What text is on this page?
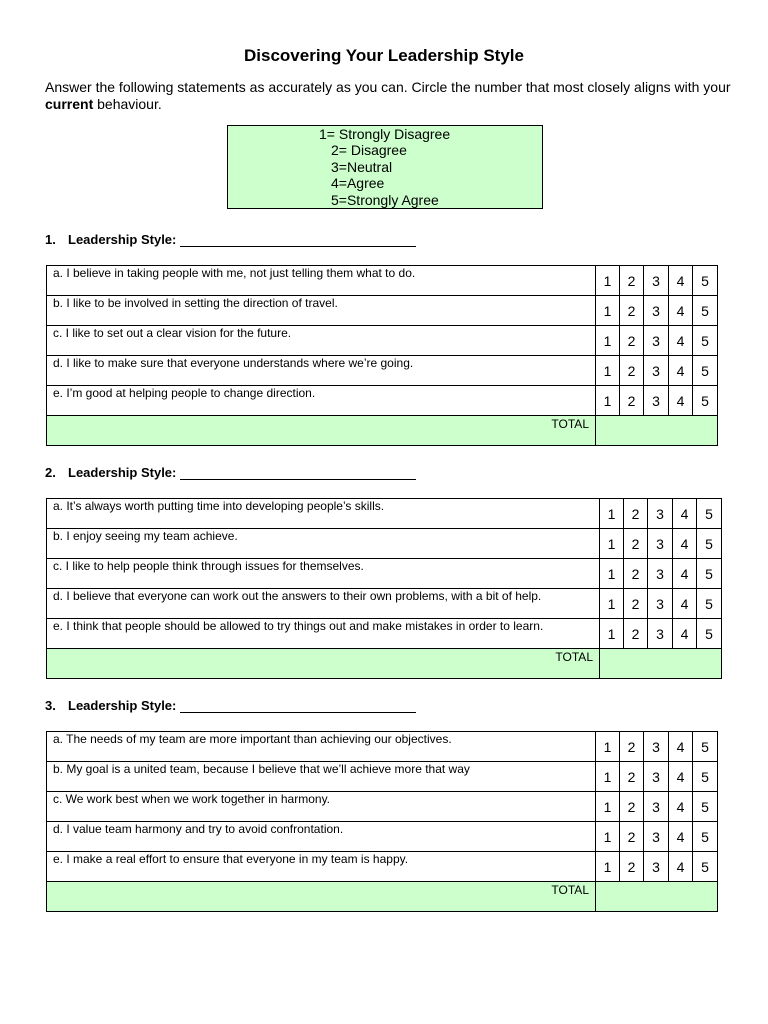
Discovering Your Leadership Style
Answer the following statements as accurately as you can. Circle the number that most closely aligns with your current behaviour.
1= Strongly Disagree
2= Disagree
3=Neutral
4=Agree
5=Strongly Agree
1. Leadership Style:
a. I believe in taking people with me, not just telling them what to do.	1	2	3	4	5
b. I like to be involved in setting the direction of travel.	1	2	3	4	5
c. I like to set out a clear vision for the future.	1	2	3	4	5
d. I like to make sure that everyone understands where we’re going.	1	2	3	4	5
e. I’m good at helping people to change direction.	1	2	3	4	5
TOTAL					
2. Leadership Style:
a. It’s always worth putting time into developing people’s skills.	1	2	3	4	5
b. I enjoy seeing my team achieve.	1	2	3	4	5
c. I like to help people think through issues for themselves.	1	2	3	4	5
d. I believe that everyone can work out the answers to their own problems, with a bit of help.	1	2	3	4	5
e. I think that people should be allowed to try things out and make mistakes in order to learn.	1	2	3	4	5
TOTAL					
3. Leadership Style:
a. The needs of my team are more important than achieving our objectives.	1	2	3	4	5
b. My goal is a united team, because I believe that we’ll achieve more that way	1	2	3	4	5
c. We work best when we work together in harmony.	1	2	3	4	5
d. I value team harmony and try to avoid confrontation.	1	2	3	4	5
e. I make a real effort to ensure that everyone in my team is happy.	1	2	3	4	5
TOTAL					
